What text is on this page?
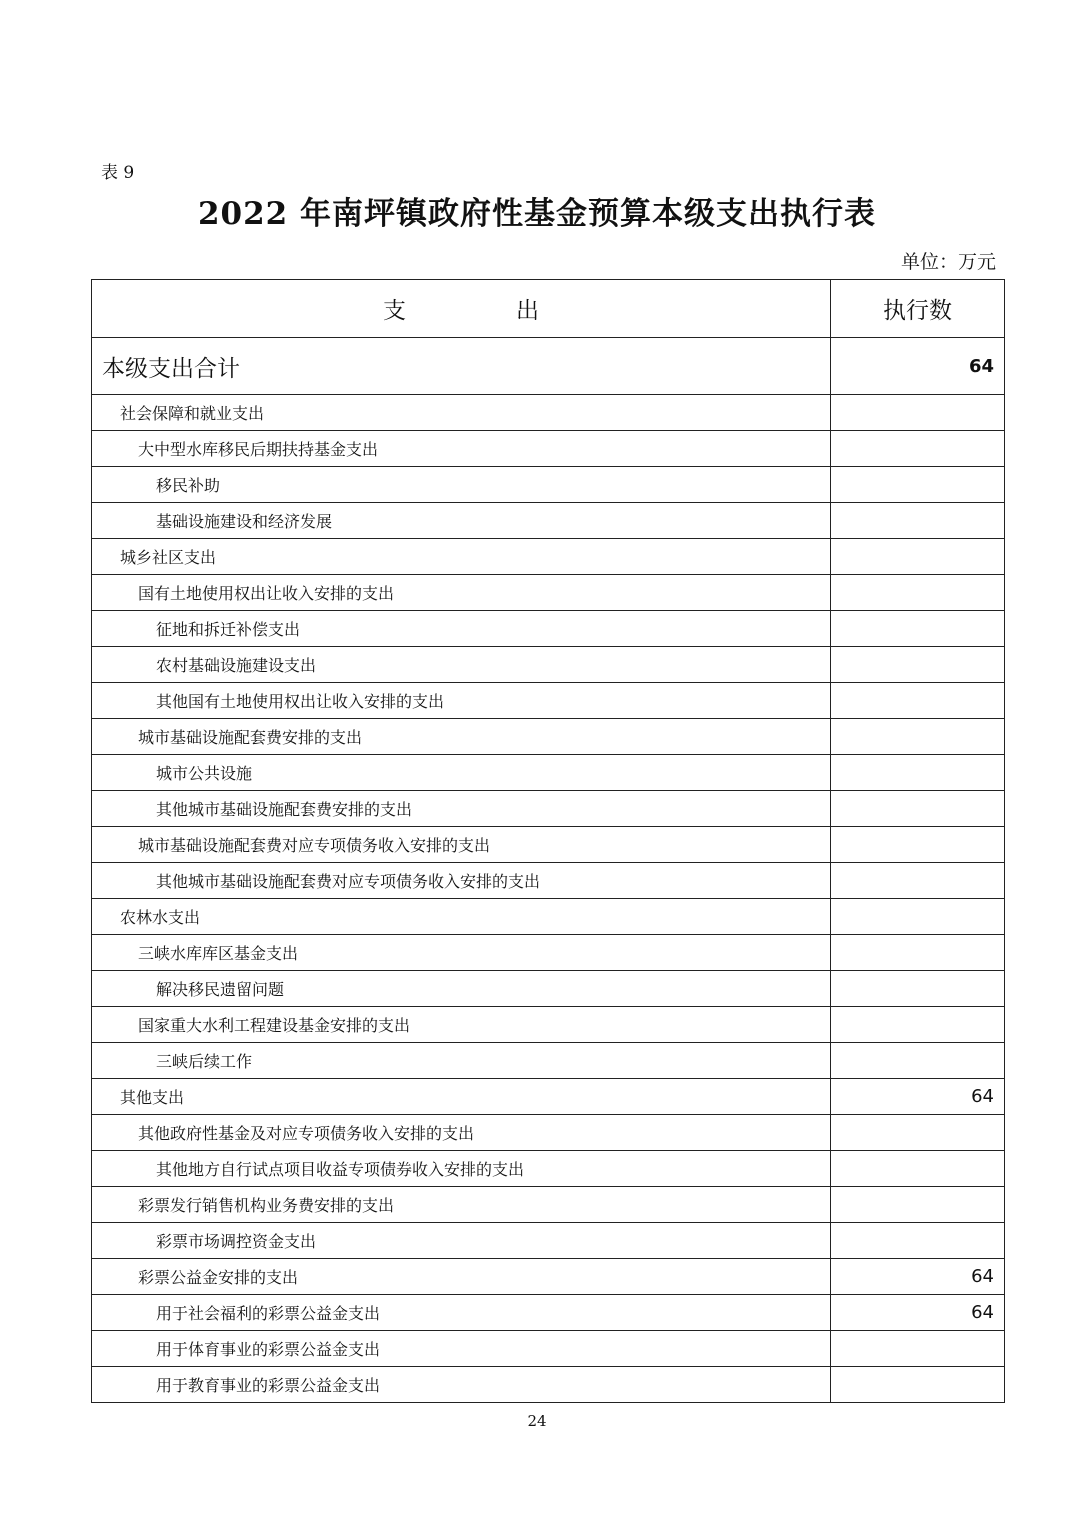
表 9
2022 年南坪镇政府性基金预算本级支出执行表
单位：万元
支 出	执行数
本级支出合计	64
社会保障和就业支出	
大中型水库移民后期扶持基金支出	
移民补助	
基础设施建设和经济发展	
城乡社区支出	
国有土地使用权出让收入安排的支出	
征地和拆迁补偿支出	
农村基础设施建设支出	
其他国有土地使用权出让收入安排的支出	
城市基础设施配套费安排的支出	
城市公共设施	
其他城市基础设施配套费安排的支出	
城市基础设施配套费对应专项债务收入安排的支出	
其他城市基础设施配套费对应专项债务收入安排的支出	
农林水支出	
三峡水库库区基金支出	
解决移民遗留问题	
国家重大水利工程建设基金安排的支出	
三峡后续工作	
其他支出	64
其他政府性基金及对应专项债务收入安排的支出	
其他地方自行试点项目收益专项债券收入安排的支出	
彩票发行销售机构业务费安排的支出	
彩票市场调控资金支出	
彩票公益金安排的支出	64
用于社会福利的彩票公益金支出	64
用于体育事业的彩票公益金支出	
用于教育事业的彩票公益金支出	
24
